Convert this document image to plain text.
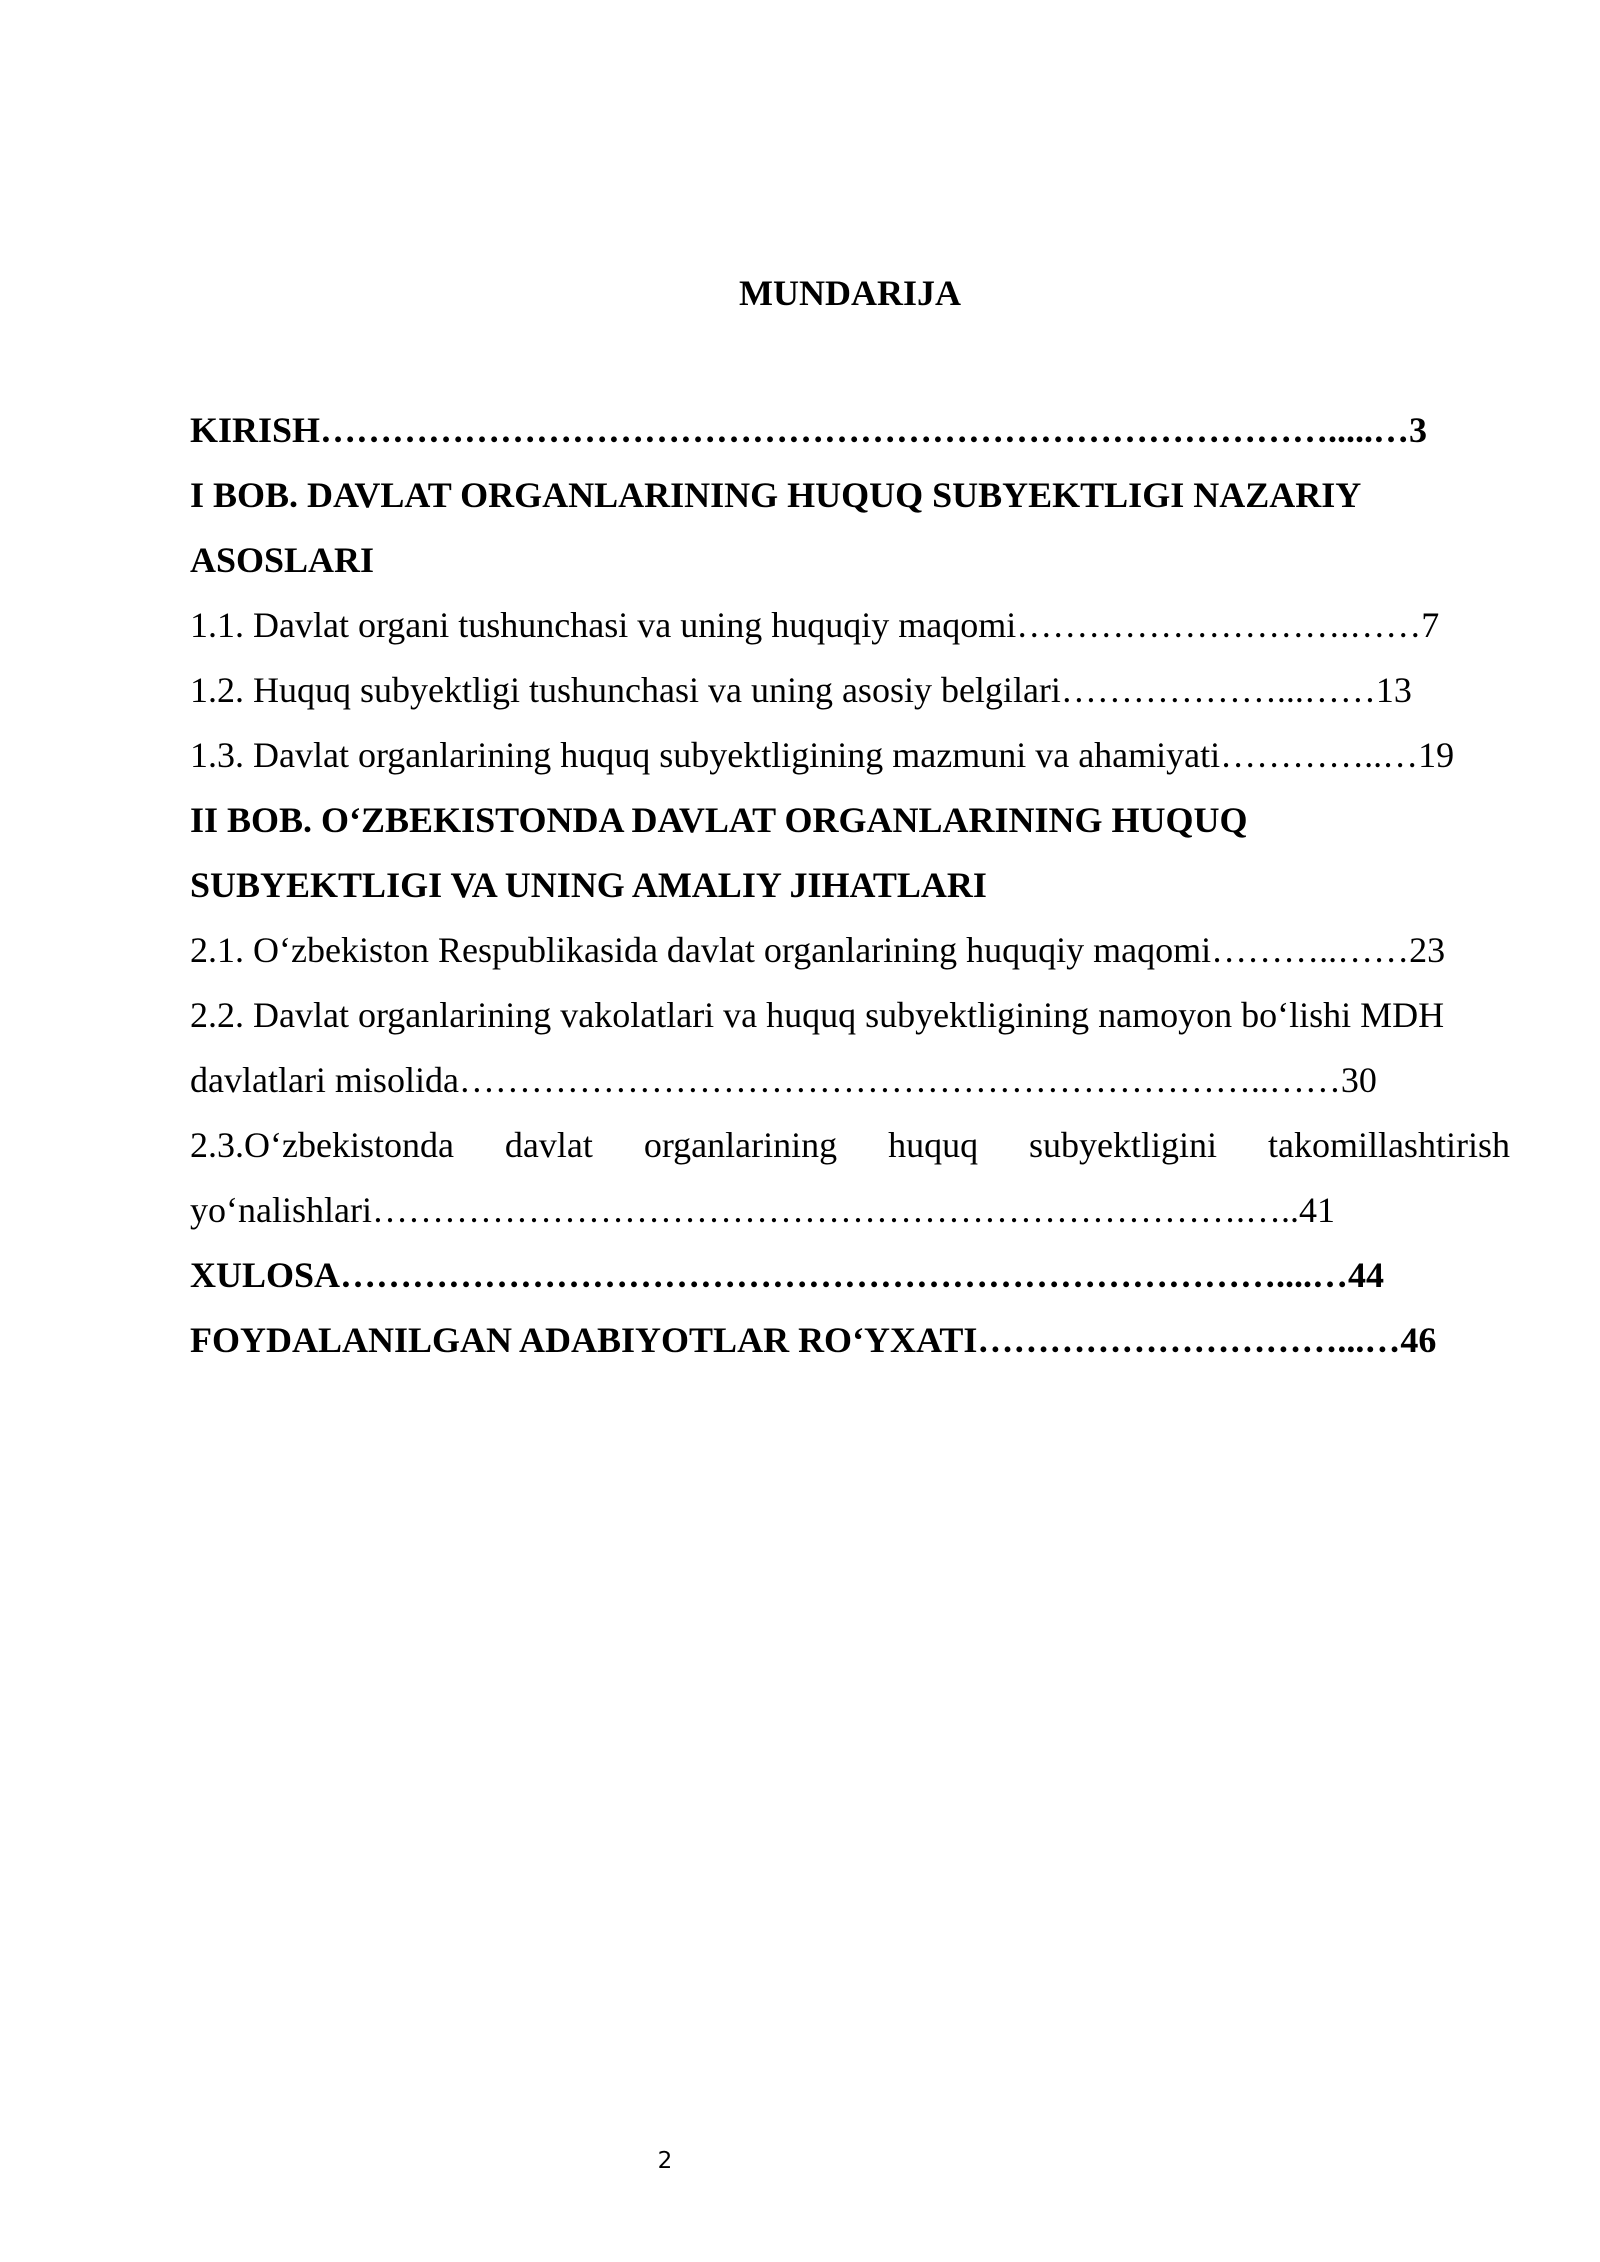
MUNDARIJA
KIRISH………………………………………………………………………….....…3
I BOB. DAVLAT ORGANLARINING HUQUQ SUBYEKTLIGI NAZARIY
ASOSLARI
1.1. Davlat organi tushunchasi va uning huquqiy maqomi……………………….……7
1.2. Huquq subyektligi tushunchasi va uning asosiy belgilari………………...……13
1.3. Davlat organlarining huquq subyektligining mazmuni va ahamiyati…………..…19
II BOB. O‘ZBEKISTONDA DAVLAT ORGANLARINING HUQUQ
SUBYEKTLIGI VA UNING AMALIY JIHATLARI
2.1. O‘zbekiston Respublikasida davlat organlarining huquqiy maqomi………..……23
2.2. Davlat organlarining vakolatlari va huquq subyektligining namoyon bo‘lishi MDH
davlatlari misolida…………………………………………………………..……30
2.3.O‘zbekistonda davlat organlarining huquq subyektligini takomillashtirish
yo‘nalishlari……………………………………………………………….…..41
XULOSA……………………………………………………………………....…44
FOYDALANILGAN ADABIYOTLAR RO‘YXATI…………………………...…46
2
